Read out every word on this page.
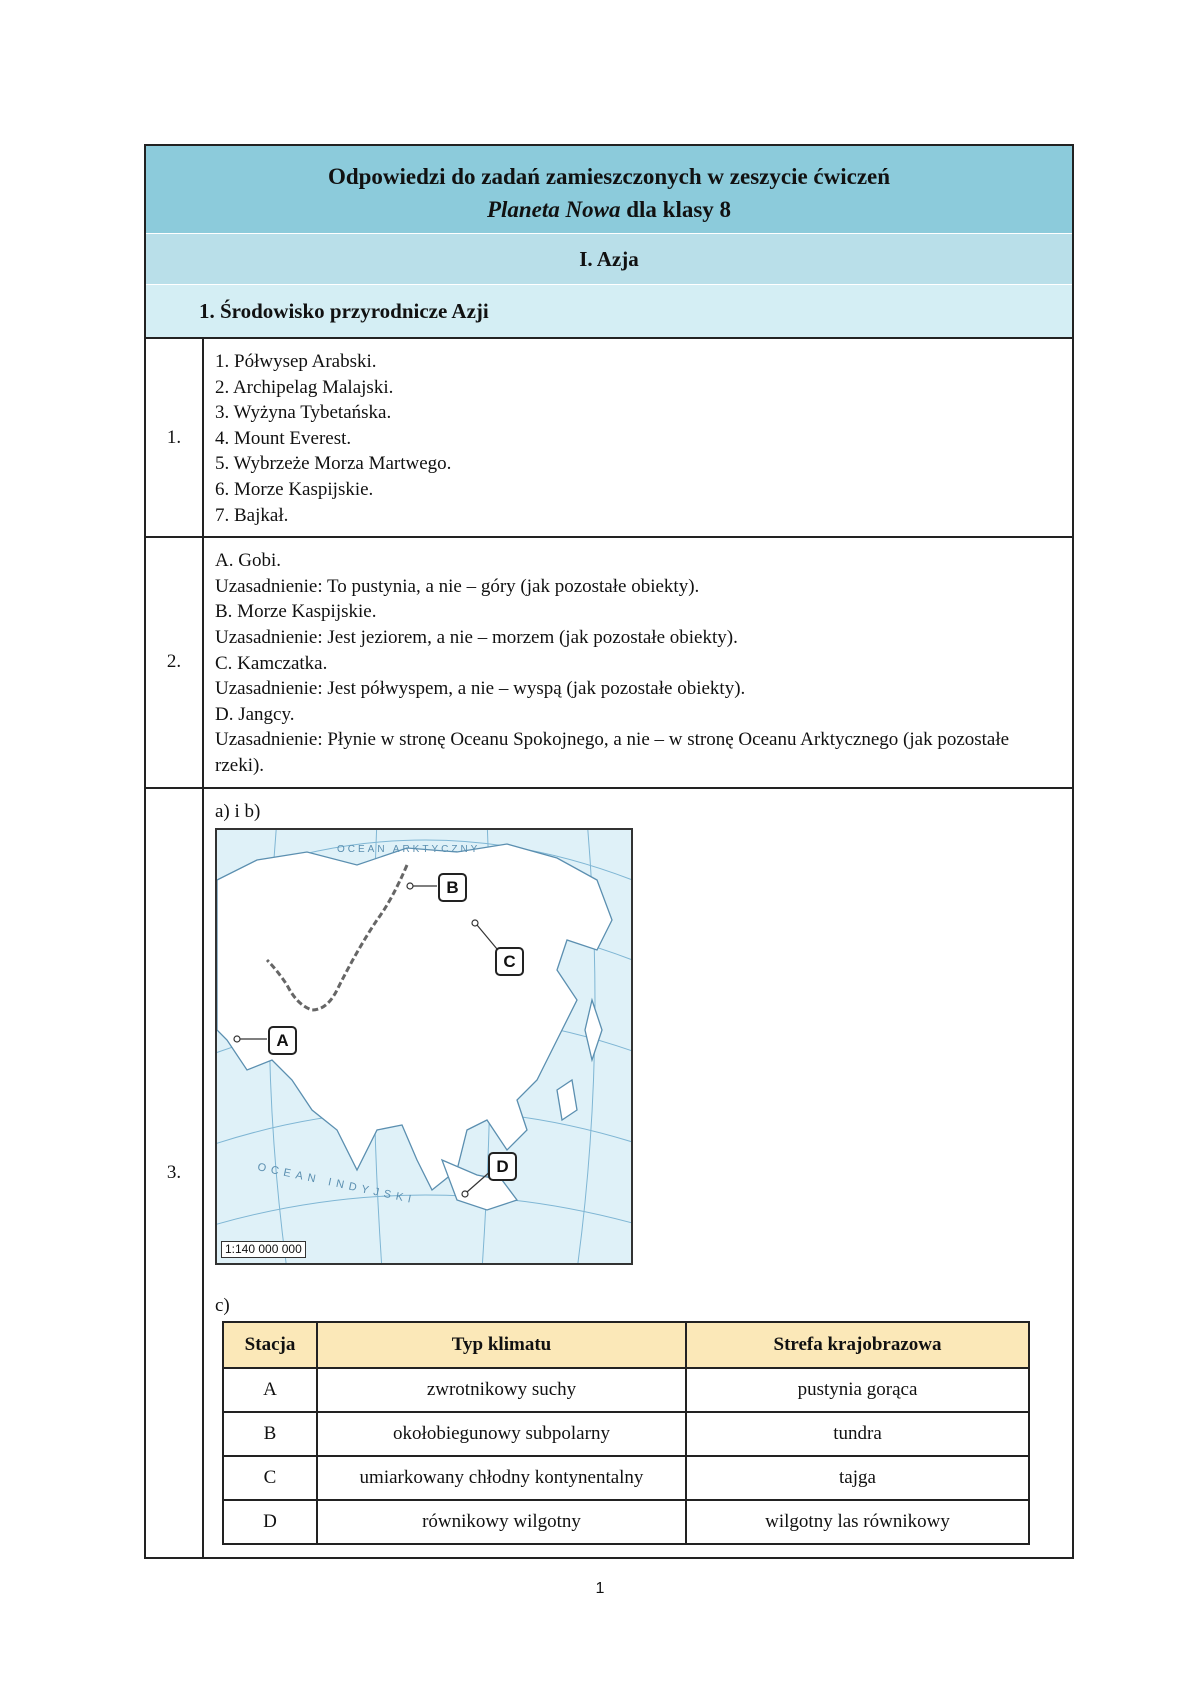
Odpowiedzi do zadań zamieszczonych w zeszycie ćwiczeń
Planeta Nowa dla klasy 8
I. Azja
1. Środowisko przyrodnicze Azji
1.
1. Półwysep Arabski.
2. Archipelag Malajski.
3. Wyżyna Tybetańska.
4. Mount Everest.
5. Wybrzeże Morza Martwego.
6. Morze Kaspijskie.
7. Bajkał.
2.
A. Gobi.
Uzasadnienie: To pustynia, a nie – góry (jak pozostałe obiekty).
B. Morze Kaspijskie.
Uzasadnienie: Jest jeziorem, a nie – morzem (jak pozostałe obiekty).
C. Kamczatka.
Uzasadnienie: Jest półwyspem, a nie – wyspą (jak pozostałe obiekty).
D. Jangcy.
Uzasadnienie: Płynie w stronę Oceanu Spokojnego, a nie – w stronę Oceanu Arktycznego (jak pozostałe rzeki).
3.
a) i b)
OCEAN ARKTYCZNY
OCEAN INDYJSKI
B
C
A
D
1:140 000 000
c)
Stacja	Typ klimatu	Strefa krajobrazowa
A	zwrotnikowy suchy	pustynia gorąca
B	okołobiegunowy subpolarny	tundra
C	umiarkowany chłodny kontynentalny	tajga
D	równikowy wilgotny	wilgotny las równikowy
1
